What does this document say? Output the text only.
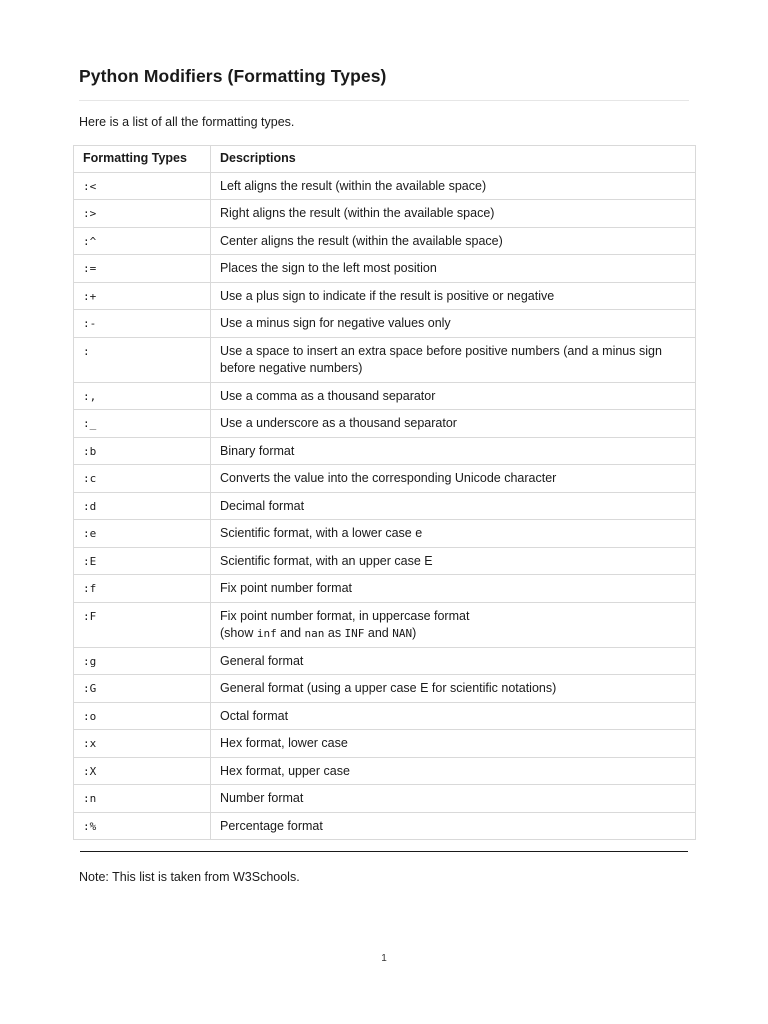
Python Modifiers (Formatting Types)
Here is a list of all the formatting types.
Formatting Types	Descriptions
:<	Left aligns the result (within the available space)
:>	Right aligns the result (within the available space)
:^	Center aligns the result (within the available space)
:=	Places the sign to the left most position
:+	Use a plus sign to indicate if the result is positive or negative
:-	Use a minus sign for negative values only
:	Use a space to insert an extra space before positive numbers (and a minus sign before negative numbers)
:,	Use a comma as a thousand separator
:_	Use a underscore as a thousand separator
:b	Binary format
:c	Converts the value into the corresponding Unicode character
:d	Decimal format
:e	Scientific format, with a lower case e
:E	Scientific format, with an upper case E
:f	Fix point number format
:F	Fix point number format, in uppercase format
(show inf and nan as INF and NAN)
:g	General format
:G	General format (using a upper case E for scientific notations)
:o	Octal format
:x	Hex format, lower case
:X	Hex format, upper case
:n	Number format
:%	Percentage format
Note: This list is taken from W3Schools.
1
